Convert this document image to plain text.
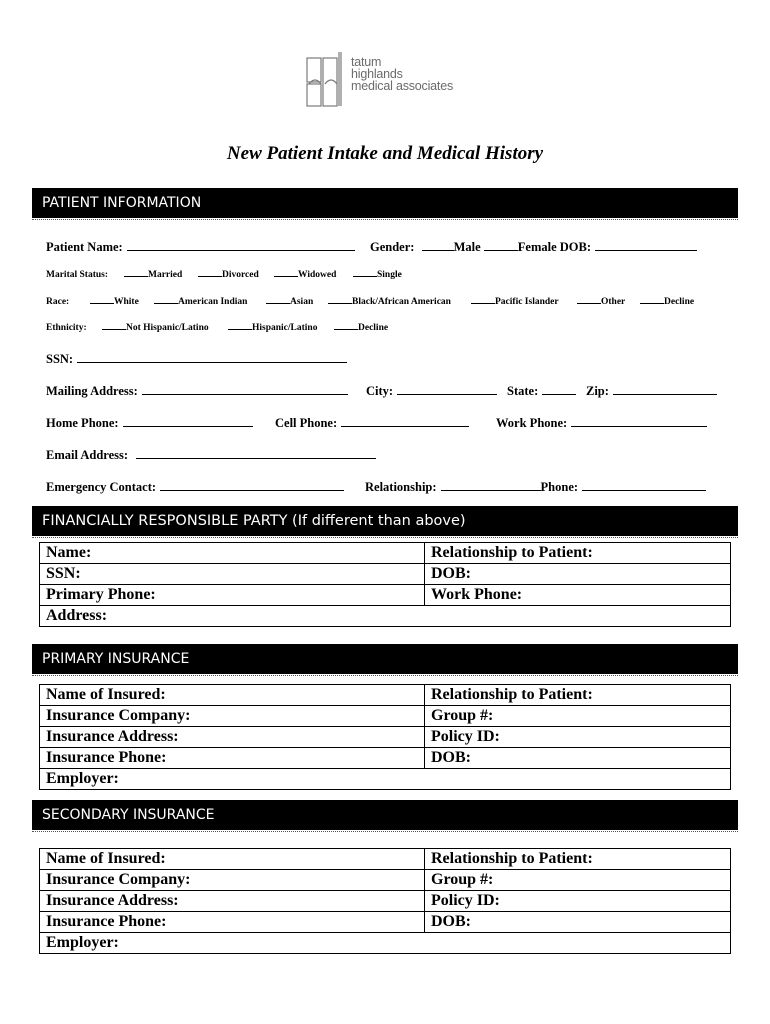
tatum
highlands
medical associates
New Patient Intake and Medical History
PATIENT INFORMATION
Patient Name:	Gender:	Male	Female DOB:
Marital Status:	Married	Divorced	Widowed	Single
Race:	White	American Indian	Asian	Black/African American	Pacific Islander	Other	Decline
Ethnicity:	Not Hispanic/Latino	Hispanic/Latino	Decline
SSN:
Mailing Address:	City:	State:	Zip:
Home Phone:	Cell Phone:	Work Phone:
Email Address:
Emergency Contact:	Relationship:	Phone:
FINANCIALLY RESPONSIBLE PARTY (If different than above)
Name:	Relationship to Patient:
SSN:	DOB:
Primary Phone:	Work Phone:
Address:	
PRIMARY INSURANCE
Name of Insured:	Relationship to Patient:
Insurance Company:	Group #:
Insurance Address:	Policy ID:
Insurance Phone:	DOB:
Employer:	
SECONDARY INSURANCE
Name of Insured:	Relationship to Patient:
Insurance Company:	Group #:
Insurance Address:	Policy ID:
Insurance Phone:	DOB:
Employer:	
